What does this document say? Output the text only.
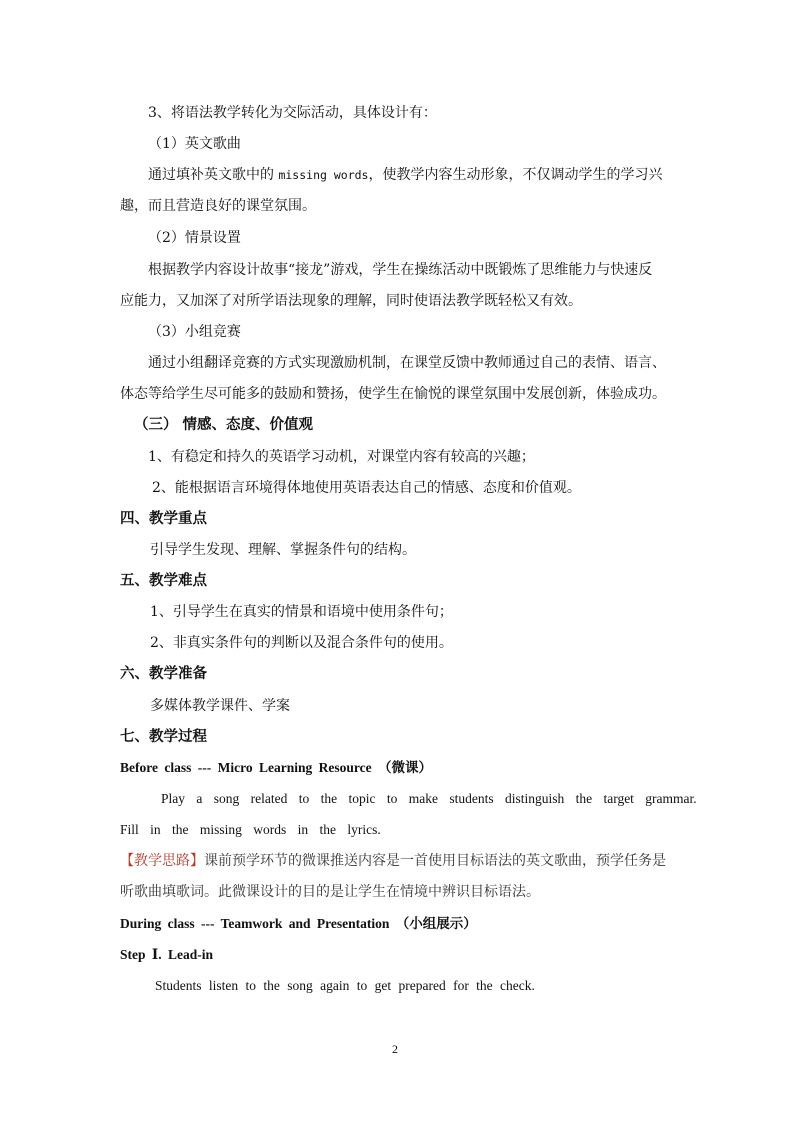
3、将语法教学转化为交际活动，具体设计有：
（1）英文歌曲
通过填补英文歌中的 missing words，使教学内容生动形象，不仅调动学生的学习兴
趣，而且营造良好的课堂氛围。
（2）情景设置
根据教学内容设计故事“接龙”游戏，学生在操练活动中既锻炼了思维能力与快速反
应能力，又加深了对所学语法现象的理解，同时使语法教学既轻松又有效。
（3）小组竞赛
通过小组翻译竞赛的方式实现激励机制，在课堂反馈中教师通过自己的表情、语言、
体态等给学生尽可能多的鼓励和赞扬，使学生在愉悦的课堂氛围中发展创新，体验成功。
（三） 情感、态度、价值观
1、有稳定和持久的英语学习动机，对课堂内容有较高的兴趣；
2、能根据语言环境得体地使用英语表达自己的情感、态度和价值观。
四、教学重点
引导学生发现、理解、掌握条件句的结构。
五、教学难点
1、引导学生在真实的情景和语境中使用条件句；
2、非真实条件句的判断以及混合条件句的使用。
六、教学准备
多媒体教学课件、学案
七、教学过程
Before class --- Micro Learning Resource （微课）
Play a song related to the topic to make students distinguish the target grammar.
Fill in the missing words in the lyrics.
【教学思路】课前预学环节的微课推送内容是一首使用目标语法的英文歌曲，预学任务是
听歌曲填歌词。此微课设计的目的是让学生在情境中辨识目标语法。
During class --- Teamwork and Presentation （小组展示）
Step Ⅰ. Lead-in
Students listen to the song again to get prepared for the check.
2
